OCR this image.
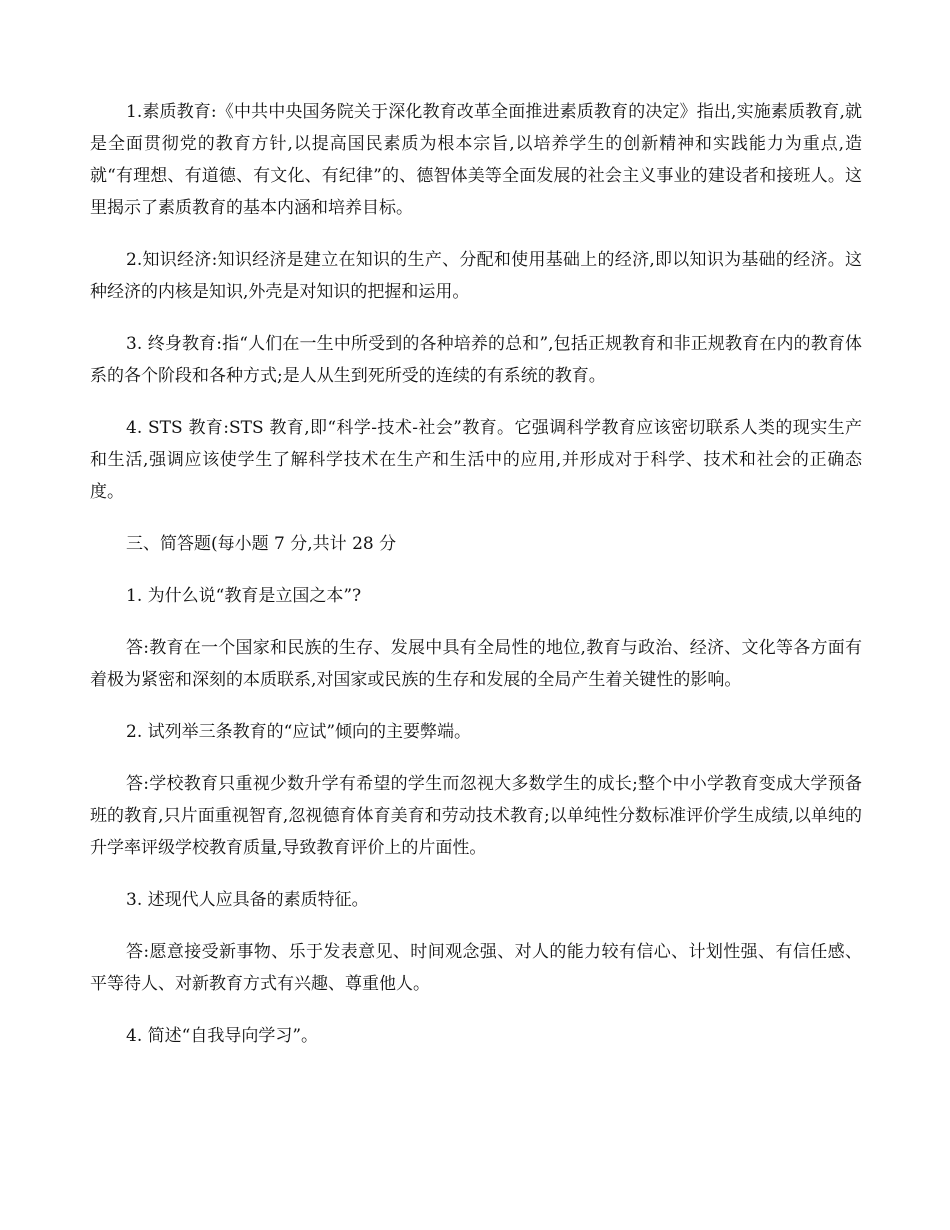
1.素质教育:《中共中央国务院关于深化教育改革全面推进素质教育的决定》指出,实施素质教育,就是全面贯彻党的教育方针,以提高国民素质为根本宗旨,以培养学生的创新精神和实践能力为重点,造就“有理想、有道德、有文化、有纪律”的、德智体美等全面发展的社会主义事业的建设者和接班人。这里揭示了素质教育的基本内涵和培养目标。

2.知识经济:知识经济是建立在知识的生产、分配和使用基础上的经济,即以知识为基础的经济。这种经济的内核是知识,外壳是对知识的把握和运用。

3. 终身教育:指“人们在一生中所受到的各种培养的总和”,包括正规教育和非正规教育在内的教育体系的各个阶段和各种方式;是人从生到死所受的连续的有系统的教育。

4. STS 教育:STS 教育,即“科学-技术-社会”教育。它强调科学教育应该密切联系人类的现实生产和生活,强调应该使学生了解科学技术在生产和生活中的应用,并形成对于科学、技术和社会的正确态度。

三、简答题(每小题 7 分,共计 28 分

1. 为什么说“教育是立国之本”?

答:教育在一个国家和民族的生存、发展中具有全局性的地位,教育与政治、经济、文化等各方面有着极为紧密和深刻的本质联系,对国家或民族的生存和发展的全局产生着关键性的影响。

2. 试列举三条教育的“应试”倾向的主要弊端。

答:学校教育只重视少数升学有希望的学生而忽视大多数学生的成长;整个中小学教育变成大学预备班的教育,只片面重视智育,忽视德育体育美育和劳动技术教育;以单纯性分数标准评价学生成绩,以单纯的升学率评级学校教育质量,导致教育评价上的片面性。

3. 述现代人应具备的素质特征。

答:愿意接受新事物、乐于发表意见、时间观念强、对人的能力较有信心、计划性强、有信任感、平等待人、对新教育方式有兴趣、尊重他人。

4. 简述“自我导向学习”。
